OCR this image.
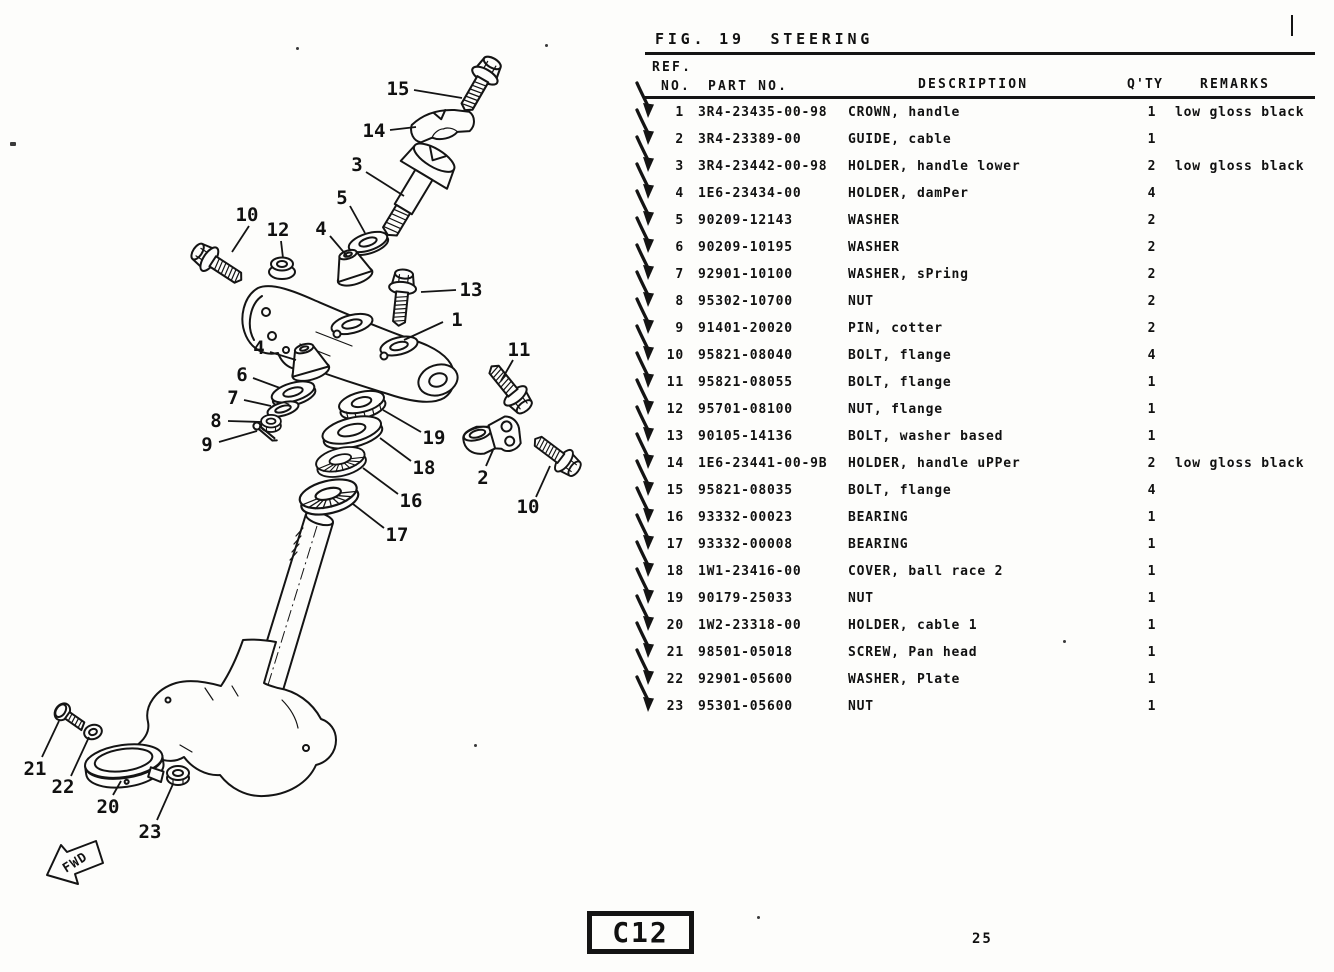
FWD
15
14
3
5
4
10
12
13
1
11
4
6
7
8
9	19
18
16
17
2
10
21
22
20
23
FIG. 19  STEERING
REF.
NO. PART NO.	DESCRIPTION	Q'TY	REMARKS
1 3R4-23435-00-98 CROWN, handle	1	low gloss black
2 3R4-23389-00	GUIDE, cable	1
3 3R4-23442-00-98 HOLDER, handle lower	2	low gloss black
4 1E6-23434-00	HOLDER, damPer	4
5 90209-12143	WASHER	2
6 90209-10195	WASHER	2
7 92901-10100	WASHER, sPring	2
8 95302-10700	NUT	2
9 91401-20020	PIN, cotter	2
10 95821-08040	BOLT, flange	4
11 95821-08055	BOLT, flange	1
12 95701-08100	NUT, flange	1
13 90105-14136	BOLT, washer based	1
14 1E6-23441-00-9B HOLDER, handle uPPer	2	low gloss black
15 95821-08035	BOLT, flange	4
16 93332-00023	BEARING	1
17 93332-00008	BEARING	1
18 1W1-23416-00	COVER, ball race 2	1
19 90179-25033	NUT	1
20 1W2-23318-00	HOLDER, cable 1	1
21 98501-05018	SCREW, Pan head	1
22 92901-05600	WASHER, Plate	1
23 95301-05600	NUT	1
C12	25
